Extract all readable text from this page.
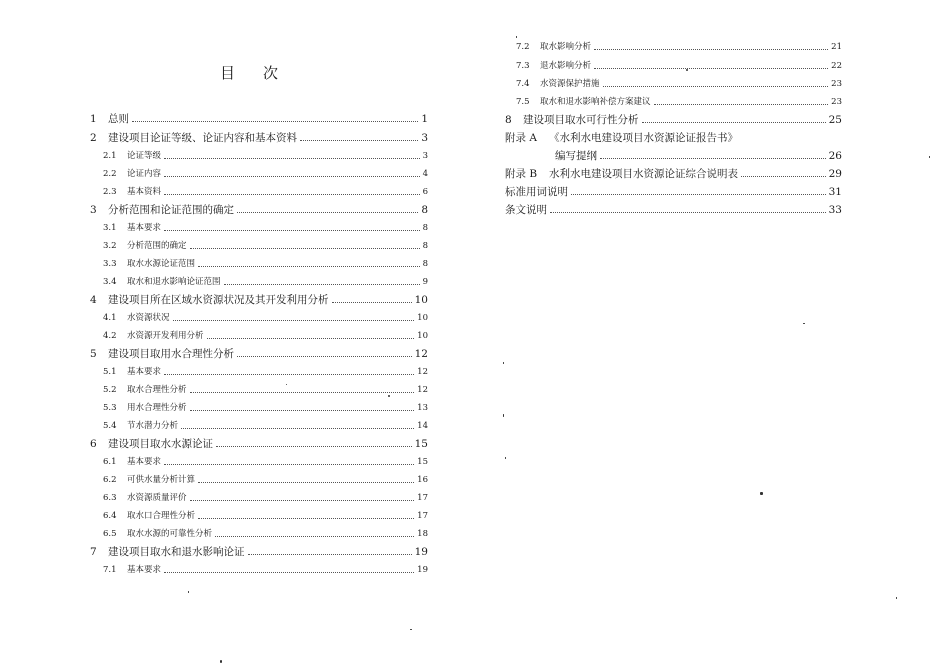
目 次
1	总则	1
2	建设项目论证等级、论证内容和基本资料	3
2.1	论证等级	3
2.2	论证内容	4
2.3	基本资料	6
3	分析范围和论证范围的确定	8
3.1	基本要求	8
3.2	分析范围的确定	8
3.3	取水水源论证范围	8
3.4	取水和退水影响论证范围	9
4	建设项目所在区域水资源状况及其开发利用分析	10
4.1	水资源状况	10
4.2	水资源开发利用分析	10
5	建设项目取用水合理性分析	12
5.1	基本要求	12
5.2	取水合理性分析	12
5.3	用水合理性分析	13
5.4	节水潜力分析	14
6	建设项目取水水源论证	15
6.1	基本要求	15
6.2	可供水量分析计算	16
6.3	水资源质量评价	17
6.4	取水口合理性分析	17
6.5	取水水源的可靠性分析	18
7	建设项目取水和退水影响论证	19
7.1	基本要求	19
7.2	取水影响分析	21
7.3	退水影响分析	22
7.4	水资源保护措施	23
7.5	取水和退水影响补偿方案建议	23
8	建设项目取水可行性分析	25
附录 A	《水利水电建设项目水资源论证报告书》
编写提纲	26
附录 B	水利水电建设项目水资源论证综合说明表	29
标准用词说明	31
条文说明	33
